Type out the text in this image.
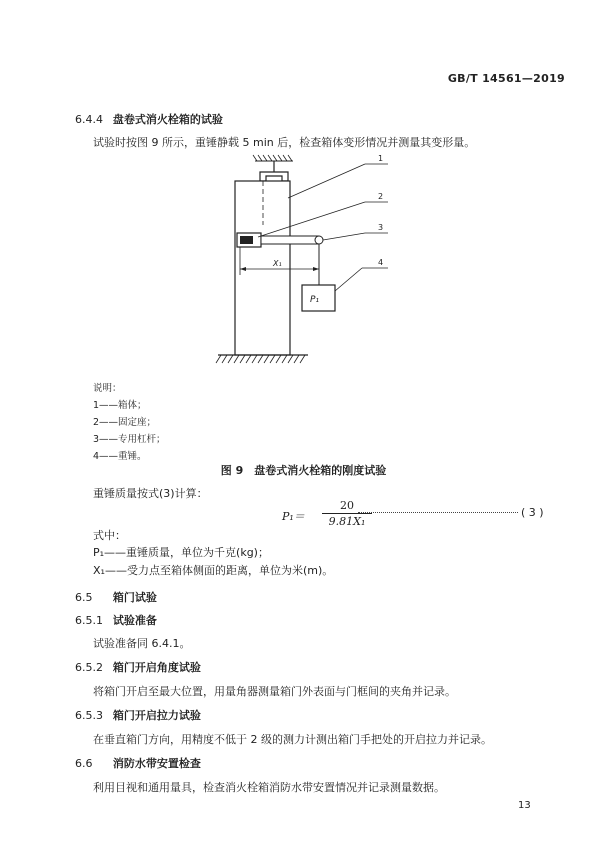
GB/T 14561—2019
6.4.4 盘卷式消火栓箱的试验
试验时按图 9 所示，重锤静载 5 min 后，检查箱体变形情况并测量其变形量。
P₁
X₁
1
2
3
4
说明：
1——箱体；
2——固定座；
3——专用杠杆；
4——重锤。
图 9　盘卷式消火栓箱的刚度试验
重锤质量按式(3)计算：
P₁＝
20
9.81X₁
( 3 )
式中：
P₁——重锤质量，单位为千克(kg)；
X₁——受力点至箱体侧面的距离，单位为米(m)。
6.5 箱门试验
6.5.1 试验准备
试验准备同 6.4.1。
6.5.2 箱门开启角度试验
将箱门开启至最大位置，用量角器测量箱门外表面与门框间的夹角并记录。
6.5.3 箱门开启拉力试验
在垂直箱门方向，用精度不低于 2 级的测力计测出箱门手把处的开启拉力并记录。
6.6 消防水带安置检查
利用目视和通用量具，检查消火栓箱消防水带安置情况并记录测量数据。
13
